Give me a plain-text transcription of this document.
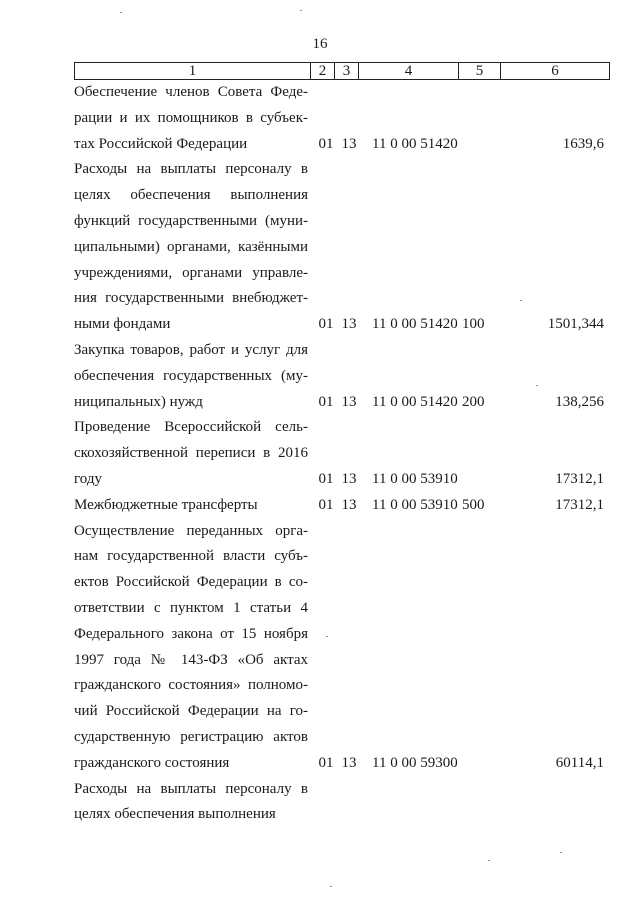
16
1	2	3	4	5	6
Обеспечение членов Совета Феде-
рации и их помощников в субъек-
тах Российской Федерации	01 13	11 0 00 51420	1639,6
Расходы на выплаты персоналу в
целях обеспечения выполнения
функций государственными (муни-
ципальными) органами, казёнными
учреждениями, органами управле-
ния государственными внебюджет-
ными фондами	01 13	11 0 00 51420 100	1501,344
Закупка товаров, работ и услуг для
обеспечения государственных (му-
ниципальных) нужд	01 13	11 0 00 51420 200	138,256
Проведение Всероссийской сель-
скохозяйственной переписи в 2016
году	01 13	11 0 00 53910	17312,1
Межбюджетные трансферты	01 13	11 0 00 53910 500	17312,1
Осуществление переданных орга-
нам государственной власти субъ-
ектов Российской Федерации в со-
ответствии с пунктом 1 статьи 4
Федерального закона от 15 ноября
1997 года № 143-ФЗ «Об актах
гражданского состояния» полномо-
чий Российской Федерации на го-
сударственную регистрацию актов
гражданского состояния	01 13	11 0 00 59300	60114,1
Расходы на выплаты персоналу в
целях обеспечения выполнения
